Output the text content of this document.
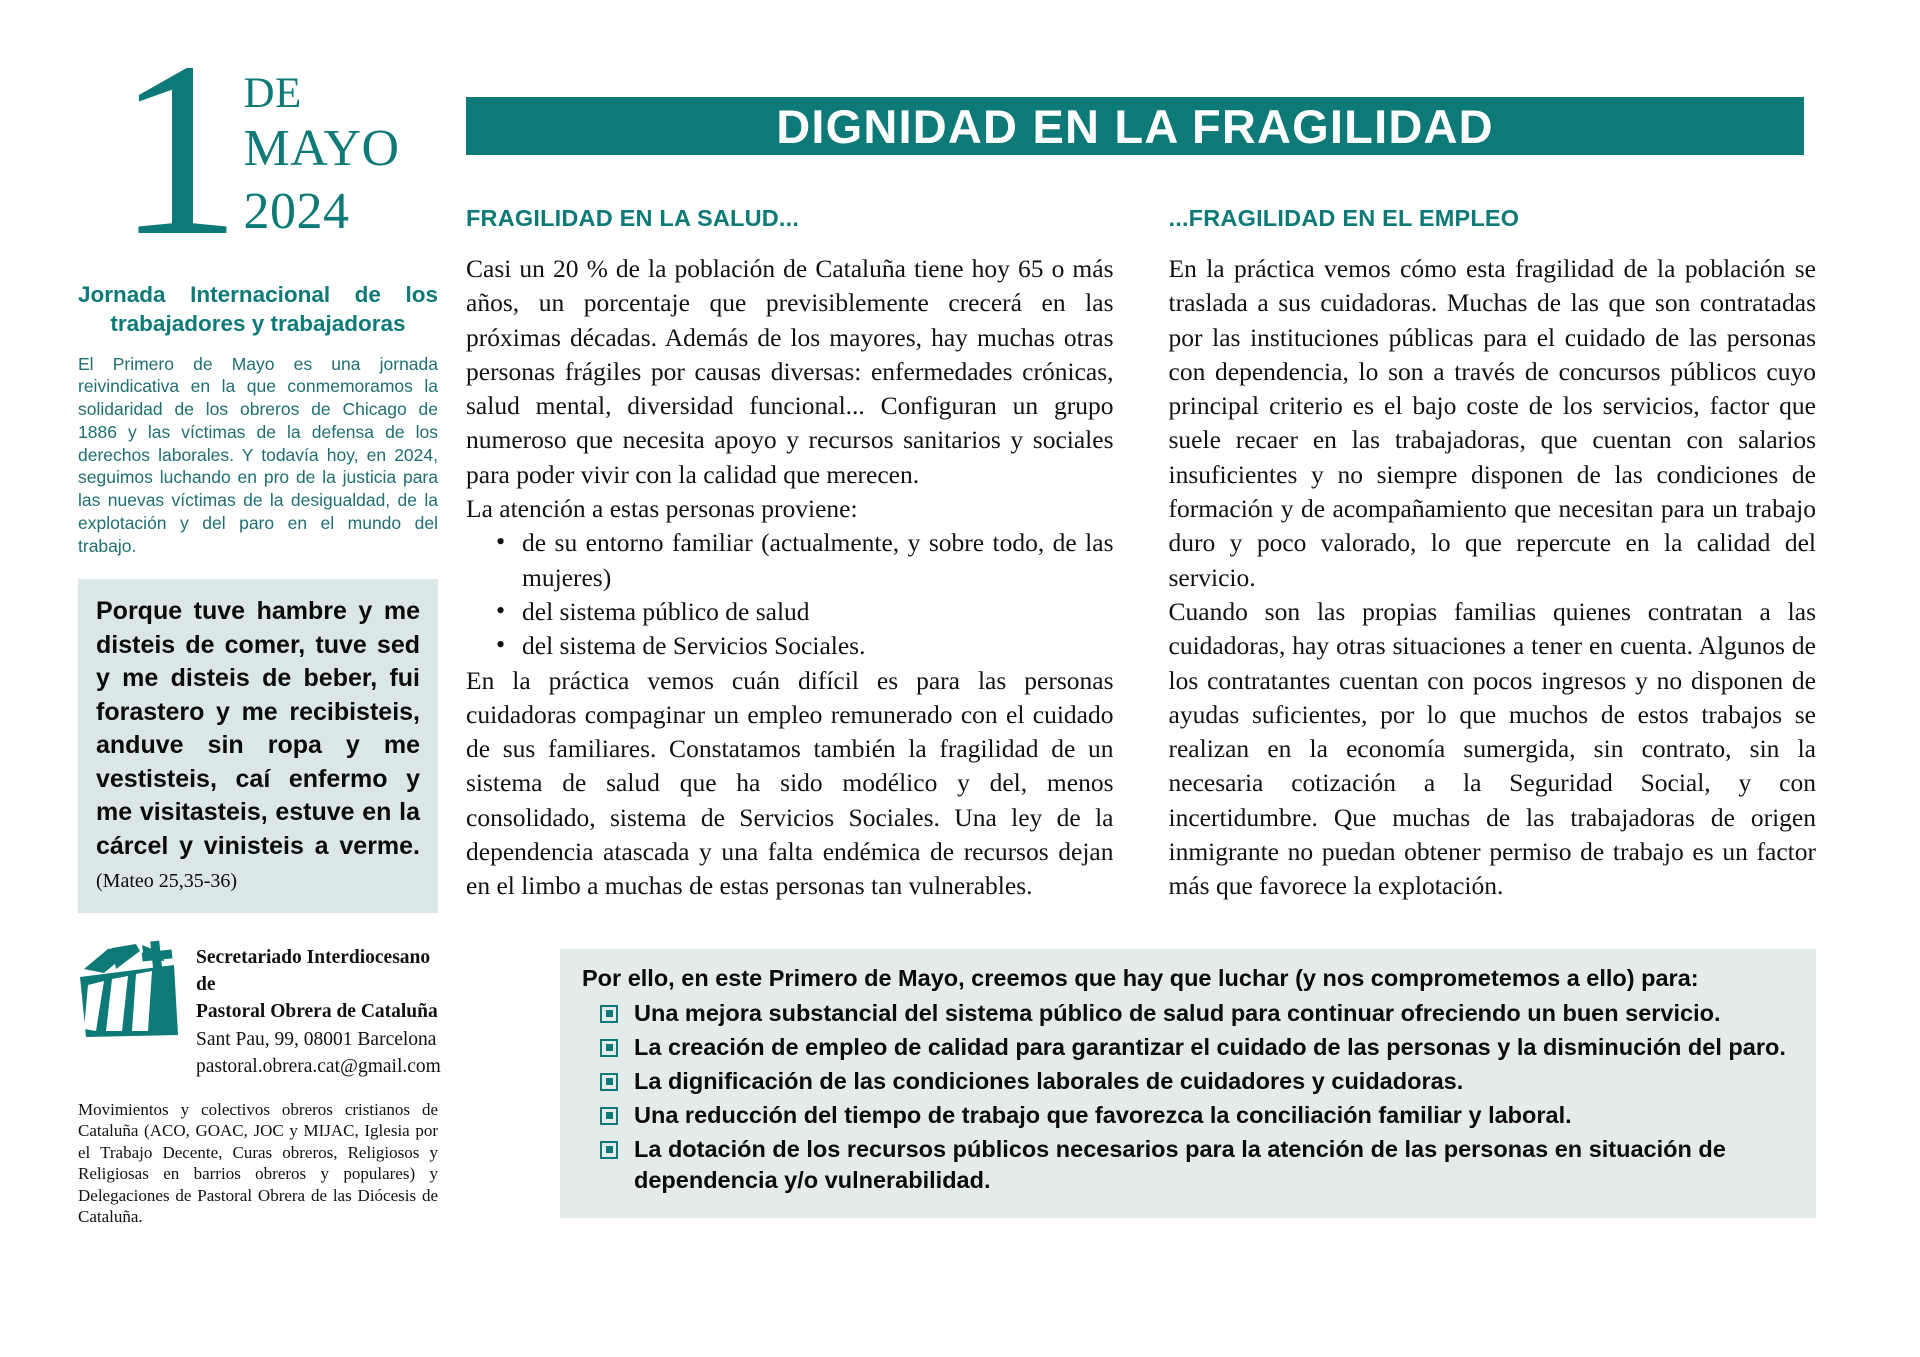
1 DE
MAYO
2024
Jornada Internacional de los trabajadores y trabajadoras
El Primero de Mayo es una jornada reivindicativa en la que conmemoramos la solidaridad de los obreros de Chicago de 1886 y las víctimas de la defensa de los derechos laborales. Y todavía hoy, en 2024, seguimos luchando en pro de la justicia para las nuevas víctimas de la desigualdad, de la explotación y del paro en el mundo del trabajo.
Porque tuve hambre y me disteis de comer, tuve sed y me disteis de beber, fui forastero y me recibisteis, anduve sin ropa y me vestisteis, caí enfermo y me visitasteis, estuve en la cárcel y vinisteis a verme. (Mateo 25,35-36)
Secretariado Interdiocesano de
Pastoral Obrera de Cataluña
Sant Pau, 99, 08001 Barcelona
pastoral.obrera.cat@gmail.com
Movimientos y colectivos obreros cristianos de Cataluña (ACO, GOAC, JOC y MIJAC, Iglesia por el Trabajo Decente, Curas obreros, Religiosos y Religiosas en barrios obreros y populares) y Delegaciones de Pastoral Obrera de las Diócesis de Cataluña.
DIGNIDAD EN LA FRAGILIDAD
FRAGILIDAD EN LA SALUD...

Casi un 20 % de la población de Cataluña tiene hoy 65 o más años, un porcentaje que previsiblemente crecerá en las próximas décadas. Además de los mayores, hay muchas otras personas frágiles por causas diversas: enfermedades crónicas, salud mental, diversidad funcional... Configuran un grupo numeroso que necesita apoyo y recursos sanitarios y sociales para poder vivir con la calidad que merecen.

La atención a estas personas proviene:

• de su entorno familiar (actualmente, y sobre todo, de las mujeres)
• del sistema público de salud
• del sistema de Servicios Sociales.

En la práctica vemos cuán difícil es para las personas cuidadoras compaginar un empleo remunerado con el cuidado de sus familiares. Constatamos también la fragilidad de un sistema de salud que ha sido modélico y del, menos consolidado, sistema de Servicios Sociales. Una ley de la dependencia atascada y una falta endémica de recursos dejan en el limbo a muchas de estas personas tan vulnerables.

...FRAGILIDAD EN EL EMPLEO

En la práctica vemos cómo esta fragilidad de la población se traslada a sus cuidadoras. Muchas de las que son contratadas por las instituciones públicas para el cuidado de las personas con dependencia, lo son a través de concursos públicos cuyo principal criterio es el bajo coste de los servicios, factor que suele recaer en las trabajadoras, que cuentan con salarios insuficientes y no siempre disponen de las condiciones de formación y de acompañamiento que necesitan para un trabajo duro y poco valorado, lo que repercute en la calidad del servicio.

Cuando son las propias familias quienes contratan a las cuidadoras, hay otras situaciones a tener en cuenta. Algunos de los contratantes cuentan con pocos ingresos y no disponen de ayudas suficientes, por lo que muchos de estos trabajos se realizan en la economía sumergida, sin contrato, sin la necesaria cotización a la Seguridad Social, y con incertidumbre. Que muchas de las trabajadoras de origen inmigrante no puedan obtener permiso de trabajo es un factor más que favorece la explotación.

Por ello, en este Primero de Mayo, creemos que hay que luchar (y nos comprometemos a ello) para:
Una mejora substancial del sistema público de salud para continuar ofreciendo un buen servicio.
La creación de empleo de calidad para garantizar el cuidado de las personas y la disminución del paro.
La dignificación de las condiciones laborales de cuidadores y cuidadoras.
Una reducción del tiempo de trabajo que favorezca la conciliación familiar y laboral.
La dotación de los recursos públicos necesarios para la atención de las personas en situación de dependencia y/o vulnerabilidad.
